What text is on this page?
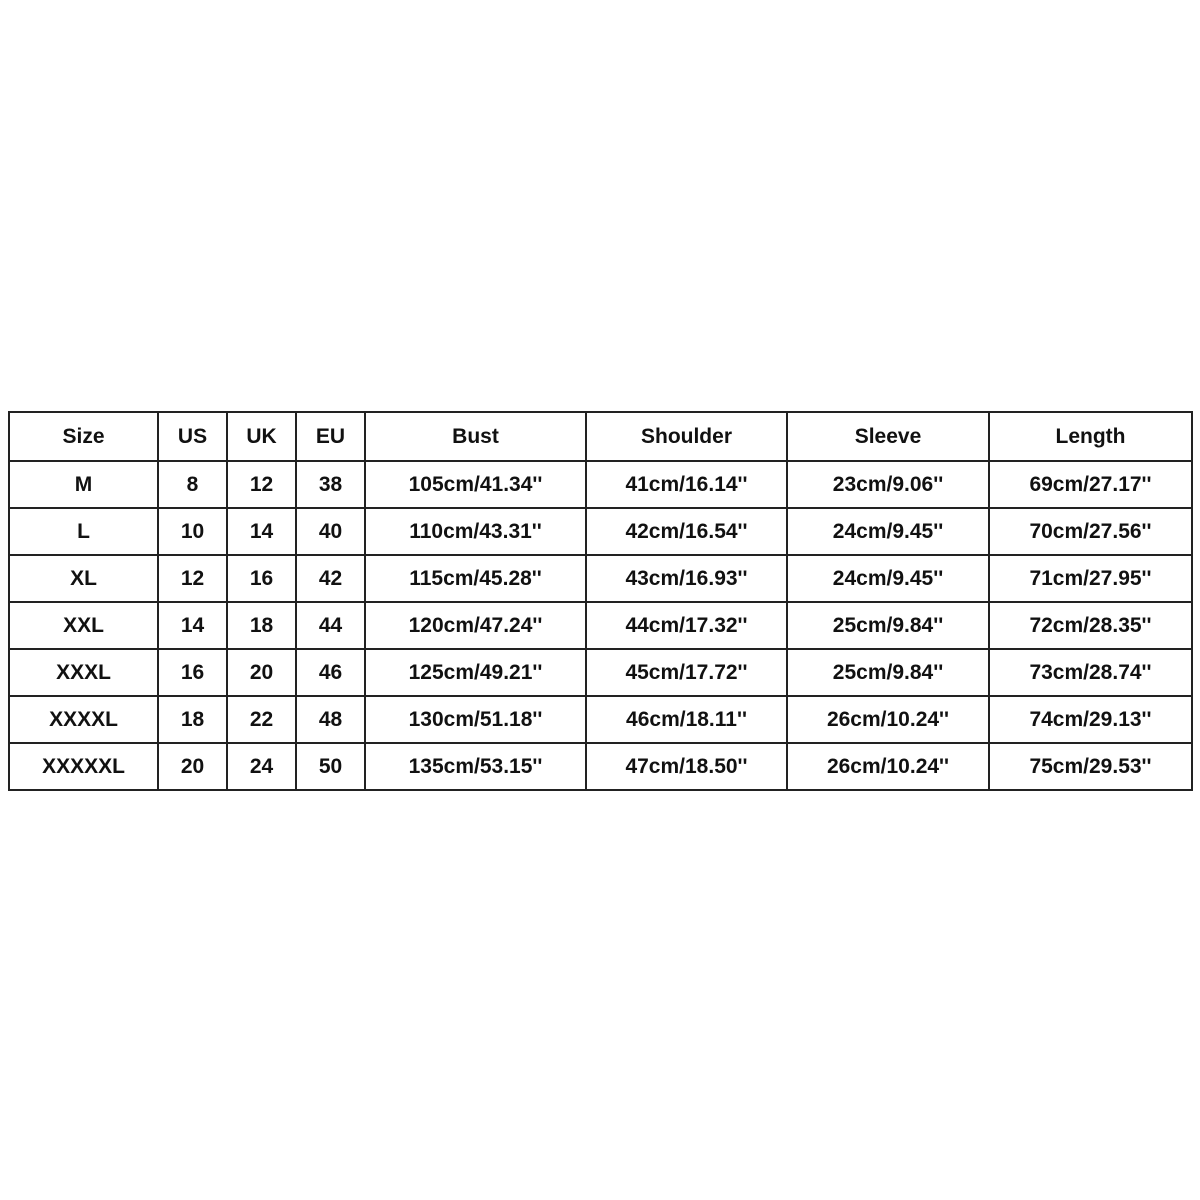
Size	US	UK	EU	Bust	Shoulder	Sleeve	Length
M	8	12	38	105cm/41.34''	41cm/16.14''	23cm/9.06''	69cm/27.17''
L	10	14	40	110cm/43.31''	42cm/16.54''	24cm/9.45''	70cm/27.56''
XL	12	16	42	115cm/45.28''	43cm/16.93''	24cm/9.45''	71cm/27.95''
XXL	14	18	44	120cm/47.24''	44cm/17.32''	25cm/9.84''	72cm/28.35''
XXXL	16	20	46	125cm/49.21''	45cm/17.72''	25cm/9.84''	73cm/28.74''
XXXXL	18	22	48	130cm/51.18''	46cm/18.11''	26cm/10.24''	74cm/29.13''
XXXXXL	20	24	50	135cm/53.15''	47cm/18.50''	26cm/10.24''	75cm/29.53''
